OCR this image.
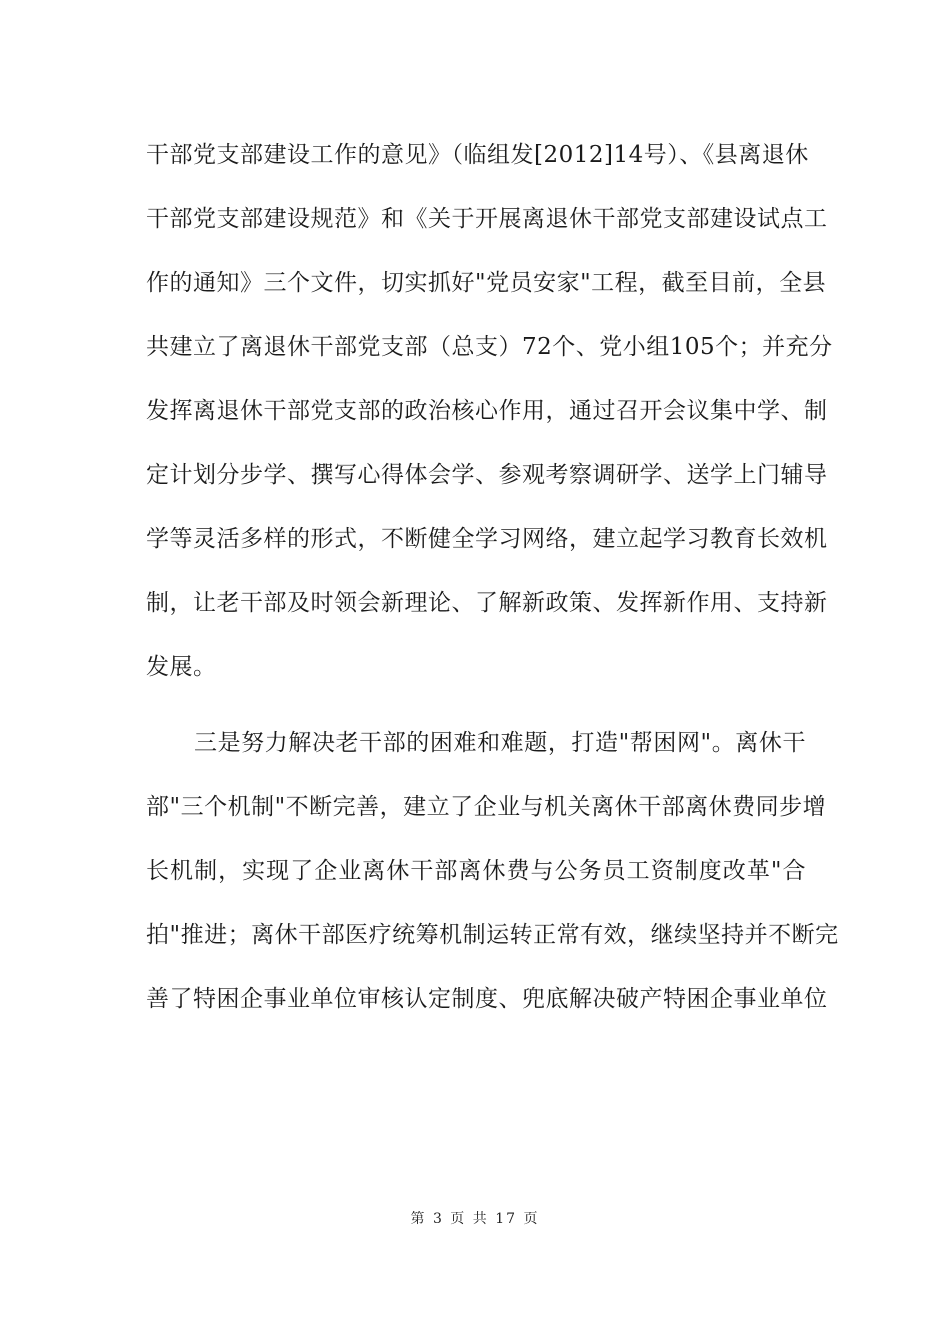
干部党支部建设工作的意见》（临组发[2012]14号）、《县离退休
干部党支部建设规范》和《关于开展离退休干部党支部建设试点工
作的通知》三个文件，切实抓好"党员安家"工程，截至目前，全县
共建立了离退休干部党支部（总支）72个、党小组105个；并充分
发挥离退休干部党支部的政治核心作用，通过召开会议集中学、制
定计划分步学、撰写心得体会学、参观考察调研学、送学上门辅导
学等灵活多样的形式，不断健全学习网络，建立起学习教育长效机
制，让老干部及时领会新理论、了解新政策、发挥新作用、支持新
发展。
三是努力解决老干部的困难和难题，打造"帮困网"。离休干
部"三个机制"不断完善，建立了企业与机关离休干部离休费同步增
长机制，实现了企业离休干部离休费与公务员工资制度改革"合
拍"推进；离休干部医疗统筹机制运转正常有效，继续坚持并不断完
善了特困企事业单位审核认定制度、兜底解决破产特困企事业单位
第 3 页 共 17 页
